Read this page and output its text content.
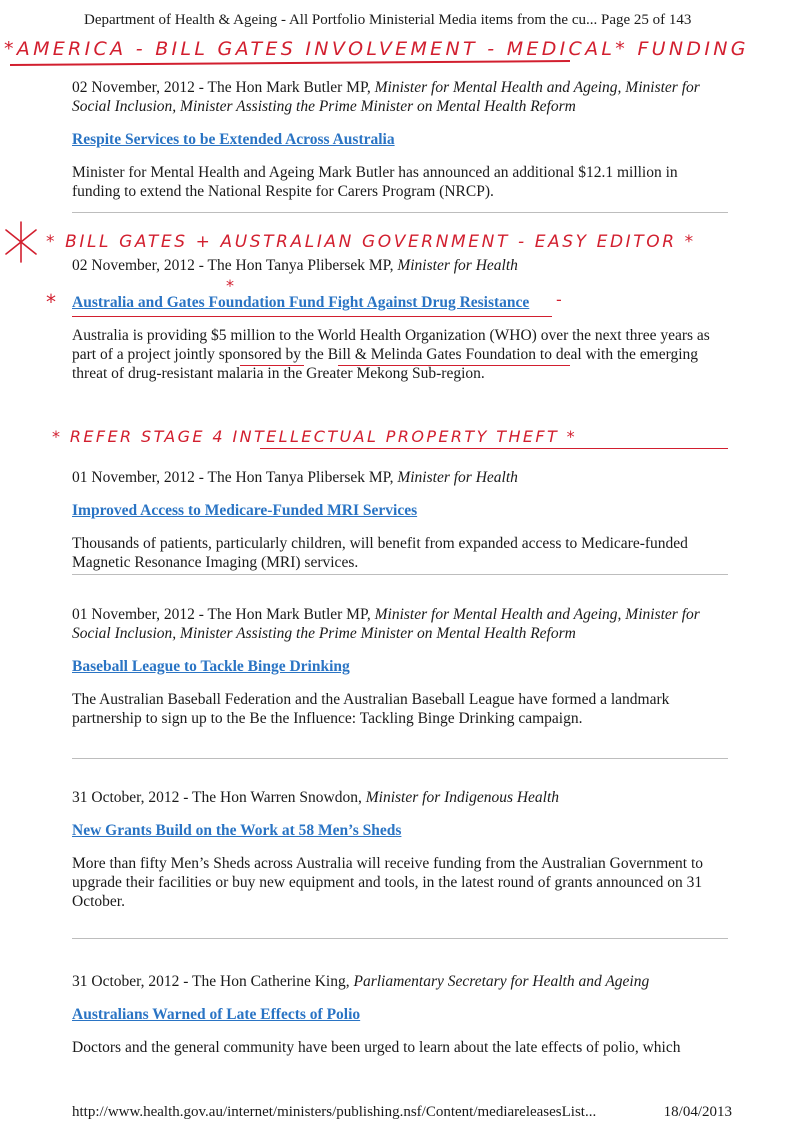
Department of Health & Ageing - All Portfolio Ministerial Media items from the cu... Page 25 of 143
*AMERICA - BILL GATES INVOLVEMENT - MEDICAL* FUNDING
02 November, 2012 - The Hon Mark Butler MP, Minister for Mental Health and Ageing, Minister for Social Inclusion, Minister Assisting the Prime Minister on Mental Health Reform
Respite Services to be Extended Across Australia
Minister for Mental Health and Ageing Mark Butler has announced an additional $12.1 million in funding to extend the National Respite for Carers Program (NRCP).
* BILL GATES + AUSTRALIAN GOVERNMENT - EASY EDITOR *
02 November, 2012 - The Hon Tanya Plibersek MP, Minister for Health
Australia and Gates Foundation Fund Fight Against Drug Resistance
Australia is providing $5 million to the World Health Organization (WHO) over the next three years as part of a project jointly sponsored by the Bill & Melinda Gates Foundation to deal with the emerging threat of drug-resistant malaria in the Greater Mekong Sub-region.
*
*
-
* REFER STAGE 4 INTELLECTUAL PROPERTY THEFT *
01 November, 2012 - The Hon Tanya Plibersek MP, Minister for Health
Improved Access to Medicare-Funded MRI Services
Thousands of patients, particularly children, will benefit from expanded access to Medicare-funded Magnetic Resonance Imaging (MRI) services.
01 November, 2012 - The Hon Mark Butler MP, Minister for Mental Health and Ageing, Minister for Social Inclusion, Minister Assisting the Prime Minister on Mental Health Reform
Baseball League to Tackle Binge Drinking
The Australian Baseball Federation and the Australian Baseball League have formed a landmark partnership to sign up to the Be the Influence: Tackling Binge Drinking campaign.
31 October, 2012 - The Hon Warren Snowdon, Minister for Indigenous Health
New Grants Build on the Work at 58 Men’s Sheds
More than fifty Men’s Sheds across Australia will receive funding from the Australian Government to upgrade their facilities or buy new equipment and tools, in the latest round of grants announced on 31 October.
31 October, 2012 - The Hon Catherine King, Parliamentary Secretary for Health and Ageing
Australians Warned of Late Effects of Polio
Doctors and the general community have been urged to learn about the late effects of polio, which
http://www.health.gov.au/internet/ministers/publishing.nsf/Content/mediareleasesList...	18/04/2013
